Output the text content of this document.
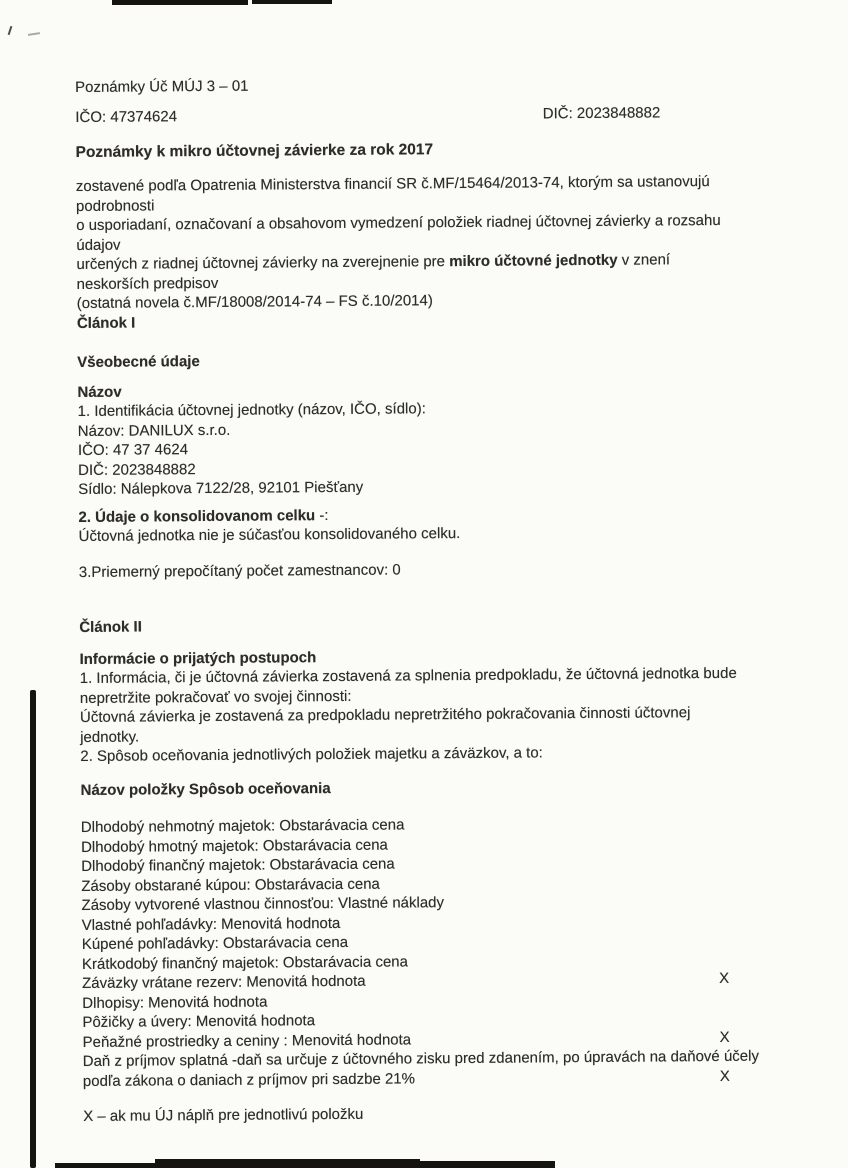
Poznámky Úč MÚJ 3 – 01
IČO: 47374624	DIČ: 2023848882
Poznámky k mikro účtovnej závierke za rok 2017
zostavené podľa Opatrenia Ministerstva financií SR č.MF/15464/2013-74, ktorým sa ustanovujú
podrobnosti
o usporiadaní, označovaní a obsahovom vymedzení položiek riadnej účtovnej závierky a rozsahu
údajov
určených z riadnej účtovnej závierky na zverejnenie pre mikro účtovné jednotky v znení
neskorších predpisov
(ostatná novela č.MF/18008/2014-74 – FS č.10/2014)
Článok I
Všeobecné údaje
Názov
1. Identifikácia účtovnej jednotky (názov, IČO, sídlo):
Názov: DANILUX s.r.o.
IČO: 47 37 4624
DIČ: 2023848882
Sídlo: Nálepkova 7122/28, 92101 Piešťany
2. Údaje o konsolidovanom celku -:
Účtovná jednotka nie je súčasťou konsolidovaného celku.
3.Priemerný prepočítaný počet zamestnancov: 0
Článok II
Informácie o prijatých postupoch
1. Informácia, či je účtovná závierka zostavená za splnenia predpokladu, že účtovná jednotka bude
nepretržite pokračovať vo svojej činnosti:
Účtovná závierka je zostavená za predpokladu nepretržitého pokračovania činnosti účtovnej
jednotky.
2. Spôsob oceňovania jednotlivých položiek majetku a záväzkov, a to:
Názov položky Spôsob oceňovania
Dlhodobý nehmotný majetok: Obstarávacia cena
Dlhodobý hmotný majetok: Obstarávacia cena
Dlhodobý finančný majetok: Obstarávacia cena
Zásoby obstarané kúpou: Obstarávacia cena
Zásoby vytvorené vlastnou činnosťou: Vlastné náklady
Vlastné pohľadávky: Menovitá hodnota
Kúpené pohľadávky: Obstarávacia cena
Krátkodobý finančný majetok: Obstarávacia cena
Záväzky vrátane rezerv: Menovitá hodnota	X
Dlhopisy: Menovitá hodnota
Pôžičky a úvery: Menovitá hodnota
Peňažné prostriedky a ceniny : Menovitá hodnota	X
Daň z príjmov splatná -daň sa určuje z účtovného zisku pred zdanením, po úpravách na daňové účely podľa zákona o daniach z príjmov pri sadzbe 21%	X
X – ak mu ÚJ náplň pre jednotlivú položku
